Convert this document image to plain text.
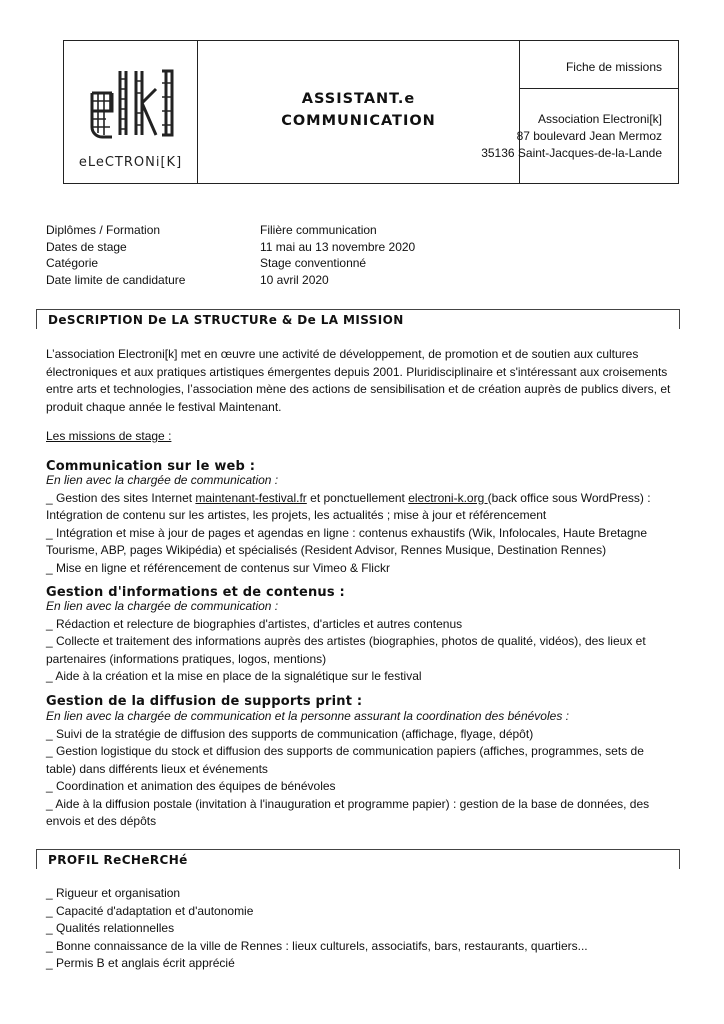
eLeCTRONi[K]
ASSISTANT.e
COMMUNICATION
Fiche de missions
Association Electroni[k]
87 boulevard Jean Mermoz
35136 Saint-Jacques-de-la-Lande
Diplômes / Formation	Filière communication
Dates de stage	11 mai au 13 novembre 2020
Catégorie	Stage conventionné
Date limite de candidature	10 avril 2020
DeSCRIPTION De LA STRUCTURe & De LA MISSION
L’association Electroni[k] met en œuvre une activité de développement, de promotion et de soutien aux cultures
électroniques et aux pratiques artistiques émergentes depuis 2001. Pluridisciplinaire et s'intéressant aux croisements
entre arts et technologies, l’association mène des actions de sensibilisation et de création auprès de publics divers, et
produit chaque année le festival Maintenant.
Les missions de stage :
Communication sur le web :
En lien avec la chargée de communication :
_ Gestion des sites Internet maintenant-festival.fr et ponctuellement electroni-k.org (back office sous WordPress) :
Intégration de contenu sur les artistes, les projets, les actualités ; mise à jour et référencement
_ Intégration et mise à jour de pages et agendas en ligne : contenus exhaustifs (Wik, Infolocales, Haute Bretagne
Tourisme, ABP, pages Wikipédia) et spécialisés (Resident Advisor, Rennes Musique, Destination Rennes)
_ Mise en ligne et référencement de contenus sur Vimeo & Flickr
Gestion d'informations et de contenus :
En lien avec la chargée de communication :
_ Rédaction et relecture de biographies d'artistes, d'articles et autres contenus
_ Collecte et traitement des informations auprès des artistes (biographies, photos de qualité, vidéos), des lieux et
partenaires (informations pratiques, logos, mentions)
_ Aide à la création et la mise en place de la signalétique sur le festival
Gestion de la diffusion de supports print :
En lien avec la chargée de communication et la personne assurant la coordination des bénévoles :
_ Suivi de la stratégie de diffusion des supports de communication (affichage, flyage, dépôt)
_ Gestion logistique du stock et diffusion des supports de communication papiers (affiches, programmes, sets de
table) dans différents lieux et événements
_ Coordination et animation des équipes de bénévoles
_ Aide à la diffusion postale (invitation à l'inauguration et programme papier) : gestion de la base de données, des
envois et des dépôts
PROFIL ReCHeRCHé
_ Rigueur et organisation
_ Capacité d'adaptation et d'autonomie
_ Qualités relationnelles
_ Bonne connaissance de la ville de Rennes : lieux culturels, associatifs, bars, restaurants, quartiers...
_ Permis B et anglais écrit apprécié
